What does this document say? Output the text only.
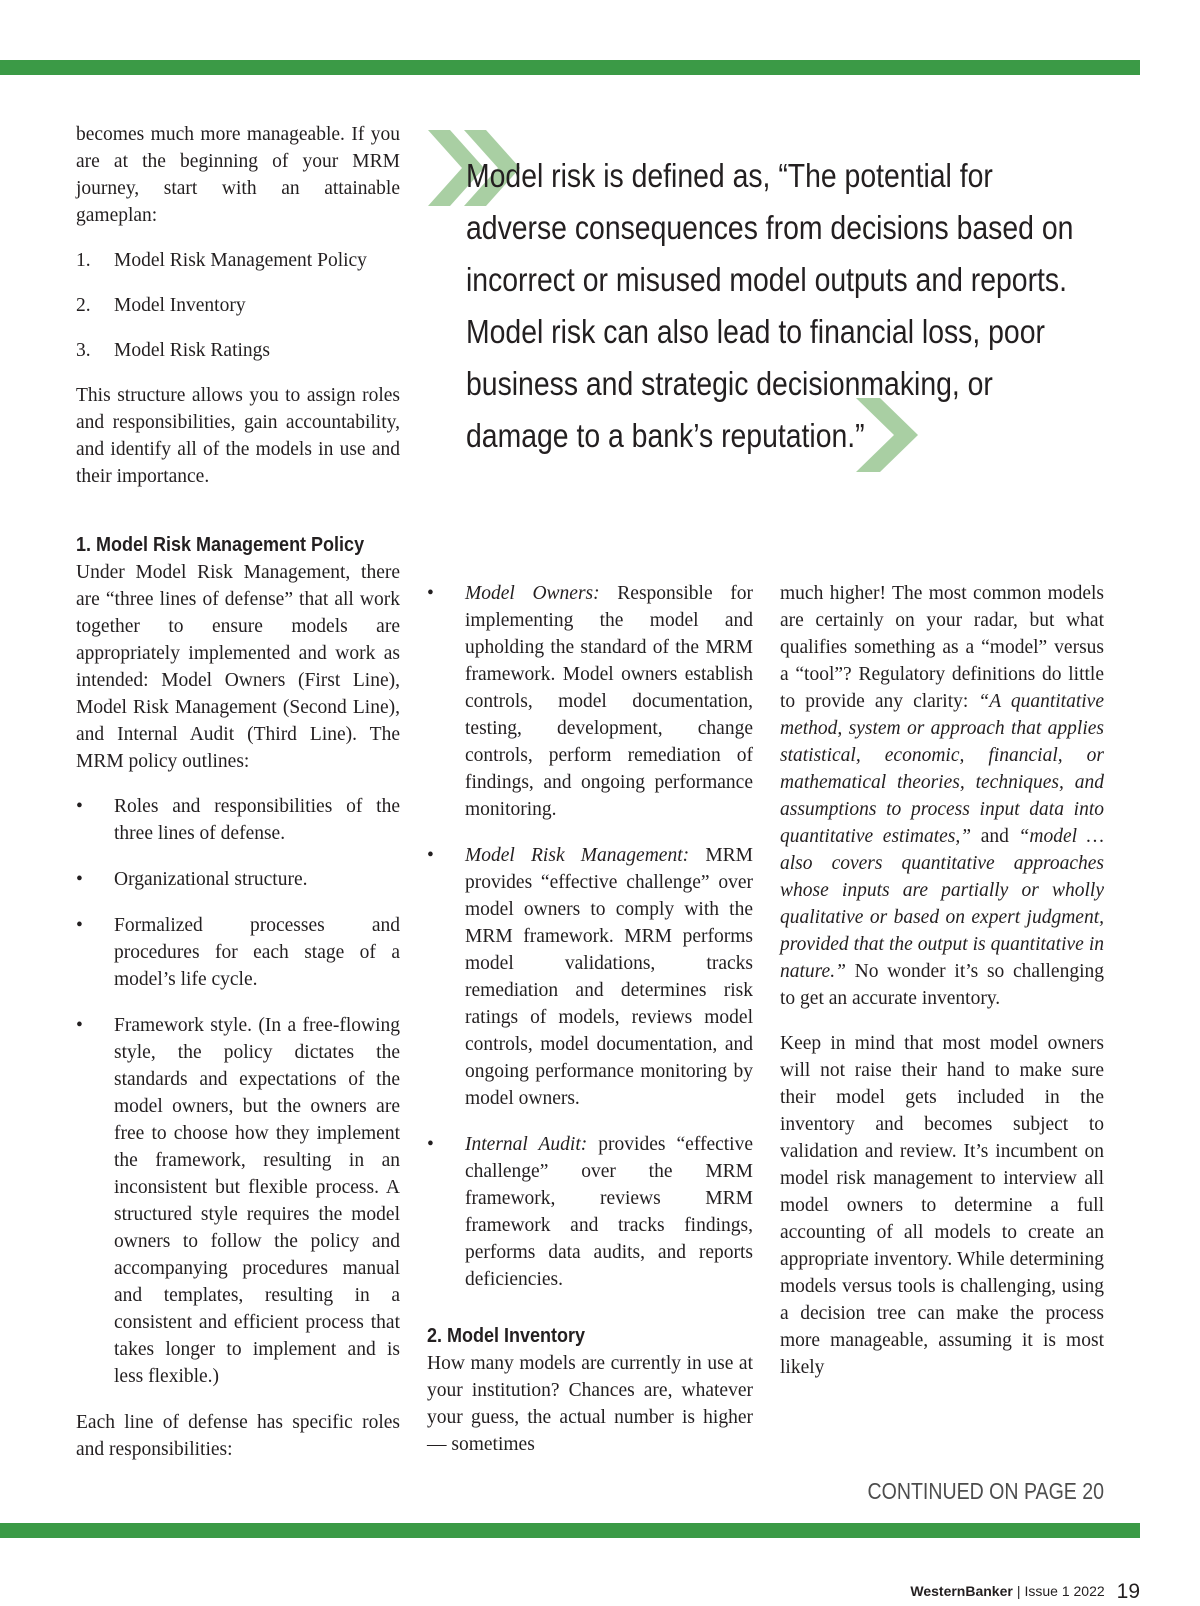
Model risk is defined as, “The potential for
adverse consequences from decisions based on
incorrect or misused model outputs and reports.
Model risk can also lead to financial loss, poor
business and strategic decisionmaking, or
damage to a bank’s reputation.”

becomes much more manageable. If you are at the beginning of your MRM journey, start with an attainable gameplan:

1.	Model Risk Management Policy
2.	Model Inventory
3.	Model Risk Ratings

This structure allows you to assign roles and responsibilities, gain accountability, and identify all of the models in use and their importance.

1. Model Risk Management Policy

Under Model Risk Management, there are “three lines of defense” that all work together to ensure models are appropriately implemented and work as intended: Model Owners (First Line), Model Risk Management (Second Line), and Internal Audit (Third Line). The MRM policy outlines:

• Roles and responsibilities of the three lines of defense.
• Organizational structure.
• Formalized processes and procedures for each stage of a model’s life cycle.
• Framework style. (In a free-flowing style, the policy dictates the standards and expectations of the model owners, but the owners are free to choose how they implement the framework, resulting in an inconsistent but flexible process. A structured style requires the model owners to follow the policy and accompanying procedures manual and templates, resulting in a consistent and efficient process that takes longer to implement and is less flexible.)

Each line of defense has specific roles and responsibilities:

• Model Owners: Responsible for implementing the model and upholding the standard of the MRM framework. Model owners establish controls, model documentation, testing, development, change controls, perform remediation of findings, and ongoing performance monitoring.
• Model Risk Management: MRM provides “effective challenge” over model owners to comply with the MRM framework. MRM performs model validations, tracks remediation and determines risk ratings of models, reviews model controls, model documentation, and ongoing performance monitoring by model owners.
• Internal Audit: provides “effective challenge” over the MRM framework, reviews MRM framework and tracks findings, performs data audits, and reports deficiencies.
2. Model Inventory

How many models are currently in use at your institution? Chances are, whatever your guess, the actual number is higher — sometimes

much higher! The most common models are certainly on your radar, but what qualifies something as a “model” versus a “tool”? Regulatory definitions do little to provide any clarity: “A quantitative method, system or approach that applies statistical, economic, financial, or mathematical theories, techniques, and assumptions to process input data into quantitative estimates,” and “model … also covers quantitative approaches whose inputs are partially or wholly qualitative or based on expert judgment, provided that the output is quantitative in nature.” No wonder it’s so challenging to get an accurate inventory.

Keep in mind that most model owners will not raise their hand to make sure their model gets included in the inventory and becomes subject to validation and review. It’s incumbent on model risk management to interview all model owners to determine a full accounting of all models to create an appropriate inventory. While determining models versus tools is challenging, using a decision tree can make the process more manageable, assuming it is most likely

CONTINUED ON PAGE 20
WesternBanker | Issue 1 2022 19
